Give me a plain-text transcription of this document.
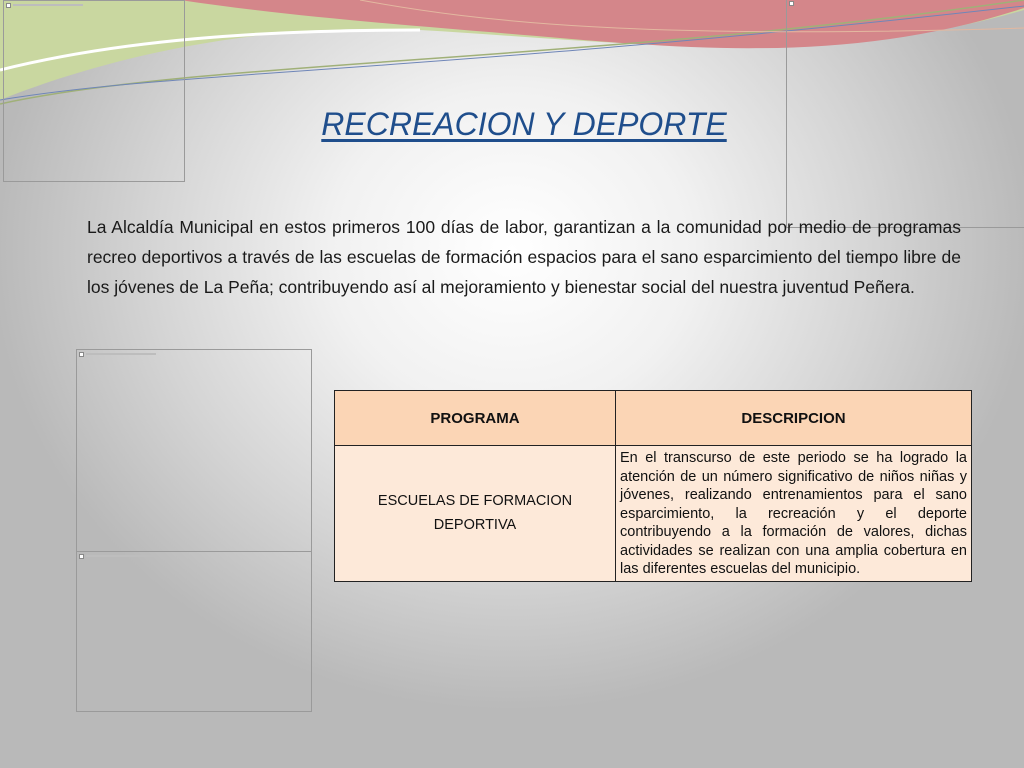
RECREACION Y DEPORTE

La Alcaldía Municipal en estos primeros 100 días de labor, garantizan a la comunidad por medio de programas recreo deportivos a través de las escuelas de formación espacios para el sano esparcimiento del tiempo libre de los jóvenes de La Peña; contribuyendo así al mejoramiento y bienestar social del nuestra juventud Peñera.

PROGRAMA	DESCRIPCION
ESCUELAS DE FORMACION DEPORTIVA	En el transcurso de este periodo se ha logrado la atención de un número significativo de niños niñas y jóvenes, realizando entrenamientos para el sano esparcimiento, la recreación y el deporte contribuyendo a la formación de valores, dichas actividades se realizan con una amplia cobertura en las diferentes escuelas del municipio.
